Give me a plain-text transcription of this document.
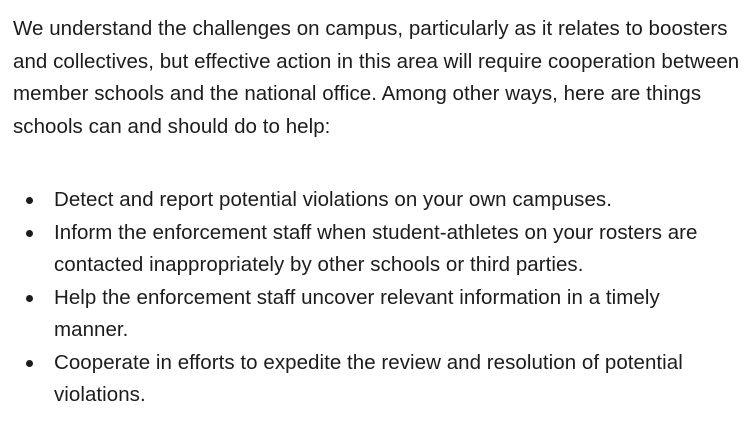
We understand the challenges on campus, particularly as it relates to boosters and collectives, but effective action in this area will require cooperation between member schools and the national office. Among other ways, here are things schools can and should do to help:

Detect and report potential violations on your own campuses.
Inform the enforcement staff when student-athletes on your rosters are contacted inappropriately by other schools or third parties.
Help the enforcement staff uncover relevant information in a timely manner.
Cooperate in efforts to expedite the review and resolution of potential violations.
